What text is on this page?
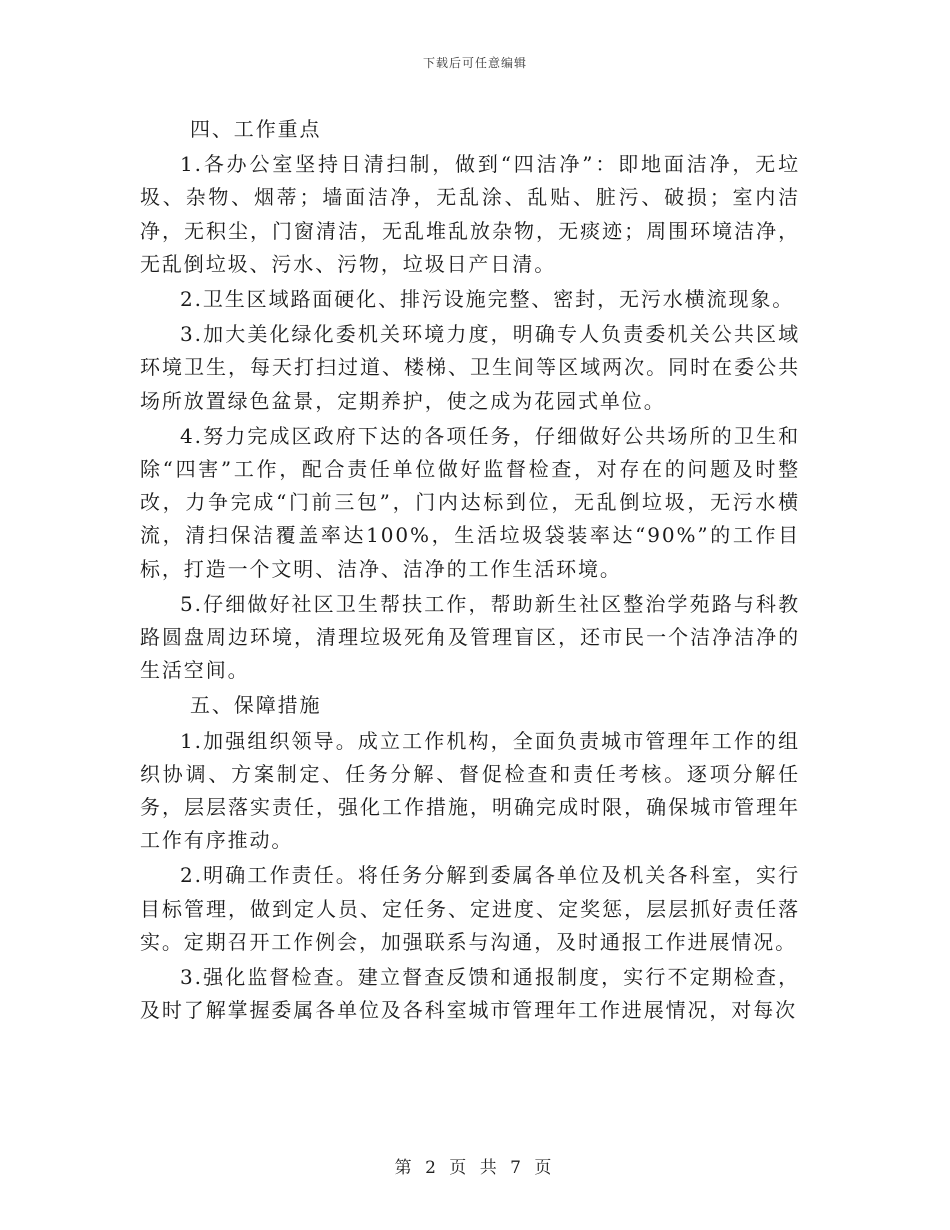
下载后可任意编辑

四、工作重点

1.各办公室坚持日清扫制，做到“四洁净”：即地面洁净，无垃圾、杂物、烟蒂；墙面洁净，无乱涂、乱贴、脏污、破损；室内洁净，无积尘，门窗清洁，无乱堆乱放杂物，无痰迹；周围环境洁净，无乱倒垃圾、污水、污物，垃圾日产日清。

2.卫生区域路面硬化、排污设施完整、密封，无污水横流现象。

3.加大美化绿化委机关环境力度，明确专人负责委机关公共区域环境卫生，每天打扫过道、楼梯、卫生间等区域两次。同时在委公共场所放置绿色盆景，定期养护，使之成为花园式单位。

4.努力完成区政府下达的各项任务，仔细做好公共场所的卫生和除“四害”工作，配合责任单位做好监督检查，对存在的问题及时整改，力争完成“门前三包”，门内达标到位，无乱倒垃圾，无污水横流，清扫保洁覆盖率达100%，生活垃圾袋装率达“90%”的工作目标，打造一个文明、洁净、洁净的工作生活环境。

5.仔细做好社区卫生帮扶工作，帮助新生社区整治学苑路与科教路圆盘周边环境，清理垃圾死角及管理盲区，还市民一个洁净洁净的生活空间。

五、保障措施

1.加强组织领导。成立工作机构，全面负责城市管理年工作的组织协调、方案制定、任务分解、督促检查和责任考核。逐项分解任务，层层落实责任，强化工作措施，明确完成时限，确保城市管理年工作有序推动。

2.明确工作责任。将任务分解到委属各单位及机关各科室，实行目标管理，做到定人员、定任务、定进度、定奖惩，层层抓好责任落实。定期召开工作例会，加强联系与沟通，及时通报工作进展情况。

3.强化监督检查。建立督查反馈和通报制度，实行不定期检查，及时了解掌握委属各单位及各科室城市管理年工作进展情况，对每次

第 2 页 共 7 页
